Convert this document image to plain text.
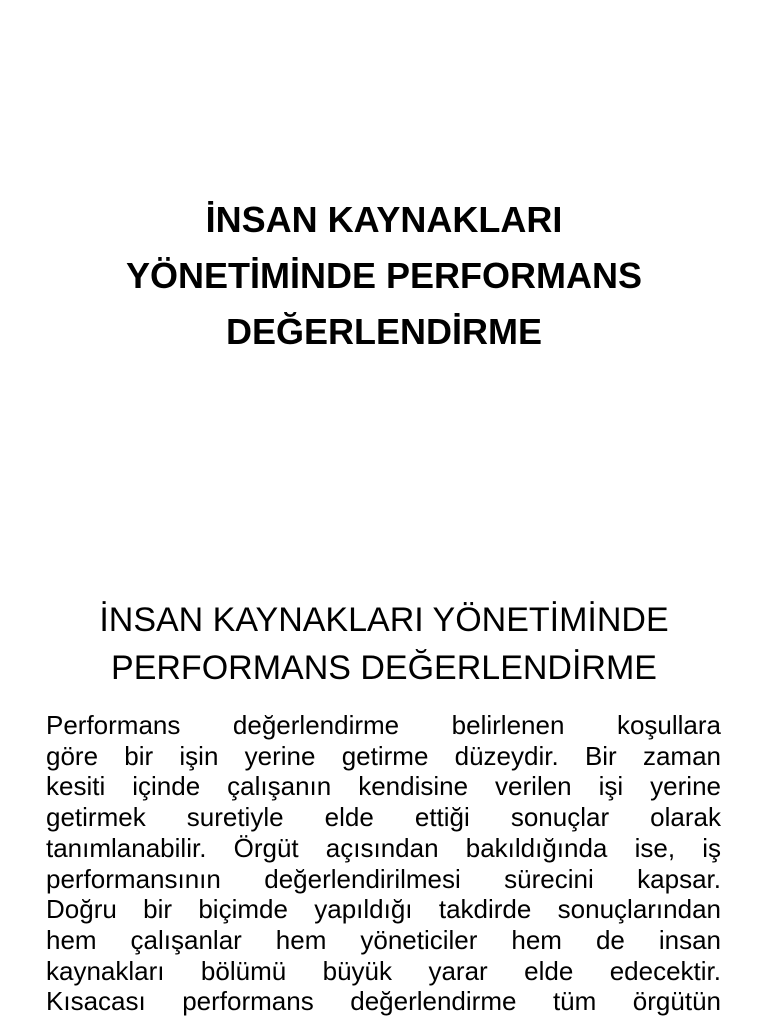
İNSAN KAYNAKLARI
YÖNETİMİNDE PERFORMANS
DEĞERLENDİRME
İNSAN KAYNAKLARI YÖNETİMİNDE
PERFORMANS DEĞERLENDİRME
Performans değerlendirme belirlenen koşullara
göre bir işin yerine getirme düzeydir. Bir zaman
kesiti içinde çalışanın kendisine verilen işi yerine
getirmek suretiyle elde ettiği sonuçlar olarak
tanımlanabilir. Örgüt açısından bakıldığında ise, iş
performansının değerlendirilmesi sürecini kapsar.
Doğru bir biçimde yapıldığı takdirde sonuçlarından
hem çalışanlar hem yöneticiler hem de insan
kaynakları bölümü büyük yarar elde edecektir.
Kısacası performans değerlendirme tüm örgütün
